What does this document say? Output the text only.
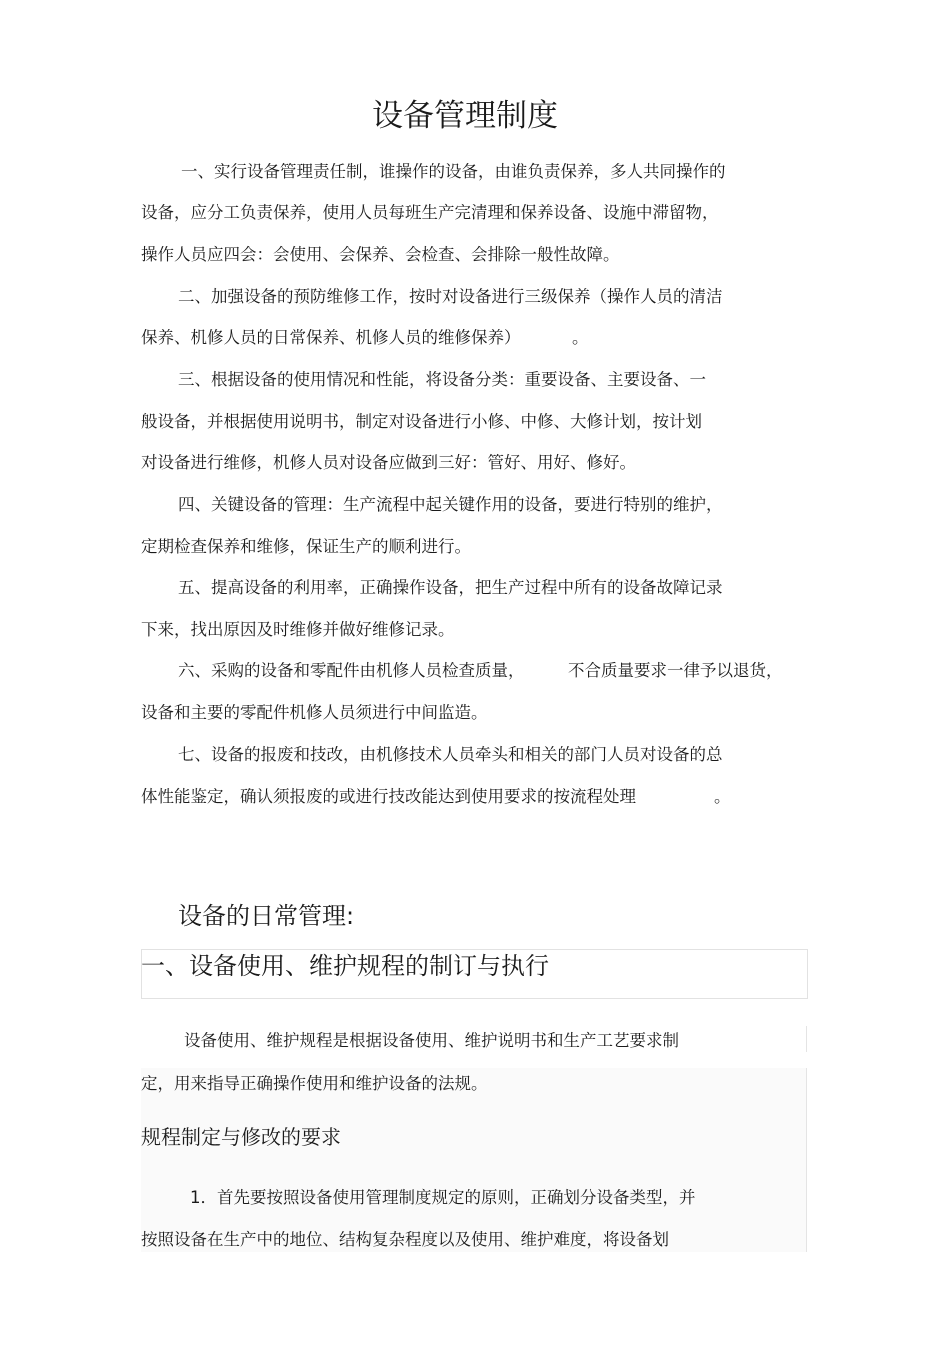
设备管理制度
一、实行设备管理责任制，谁操作的设备，由谁负责保养，多人共同操作的
设备，应分工负责保养，使用人员每班生产完清理和保养设备、设施中滞留物，
操作人员应四会：会使用、会保养、会检查、会排除一般性故障。
二、加强设备的预防维修工作，按时对设备进行三级保养（操作人员的清洁
保养、机修人员的日常保养、机修人员的维修保养）	。
三、根据设备的使用情况和性能，将设备分类：重要设备、主要设备、一
般设备，并根据使用说明书，制定对设备进行小修、中修、大修计划，按计划
对设备进行维修，机修人员对设备应做到三好：管好、用好、修好。
四、关键设备的管理：生产流程中起关键作用的设备，要进行特别的维护，
定期检查保养和维修，保证生产的顺利进行。
五、提高设备的利用率，正确操作设备，把生产过程中所有的设备故障记录
下来，找出原因及时维修并做好维修记录。
六、采购的设备和零配件由机修人员检查质量，	不合质量要求一律予以退货，
设备和主要的零配件机修人员须进行中间监造。
七、设备的报废和技改，由机修技术人员牵头和相关的部门人员对设备的总
体性能鉴定，确认须报废的或进行技改能达到使用要求的按流程处理	。
设备的日常管理:
一、设备使用、维护规程的制订与执行
设备使用、维护规程是根据设备使用、维护说明书和生产工艺要求制
定，用来指导正确操作使用和维护设备的法规。
规程制定与修改的要求
1．首先要按照设备使用管理制度规定的原则，正确划分设备类型，并
按照设备在生产中的地位、结构复杂程度以及使用、维护难度，将设备划
